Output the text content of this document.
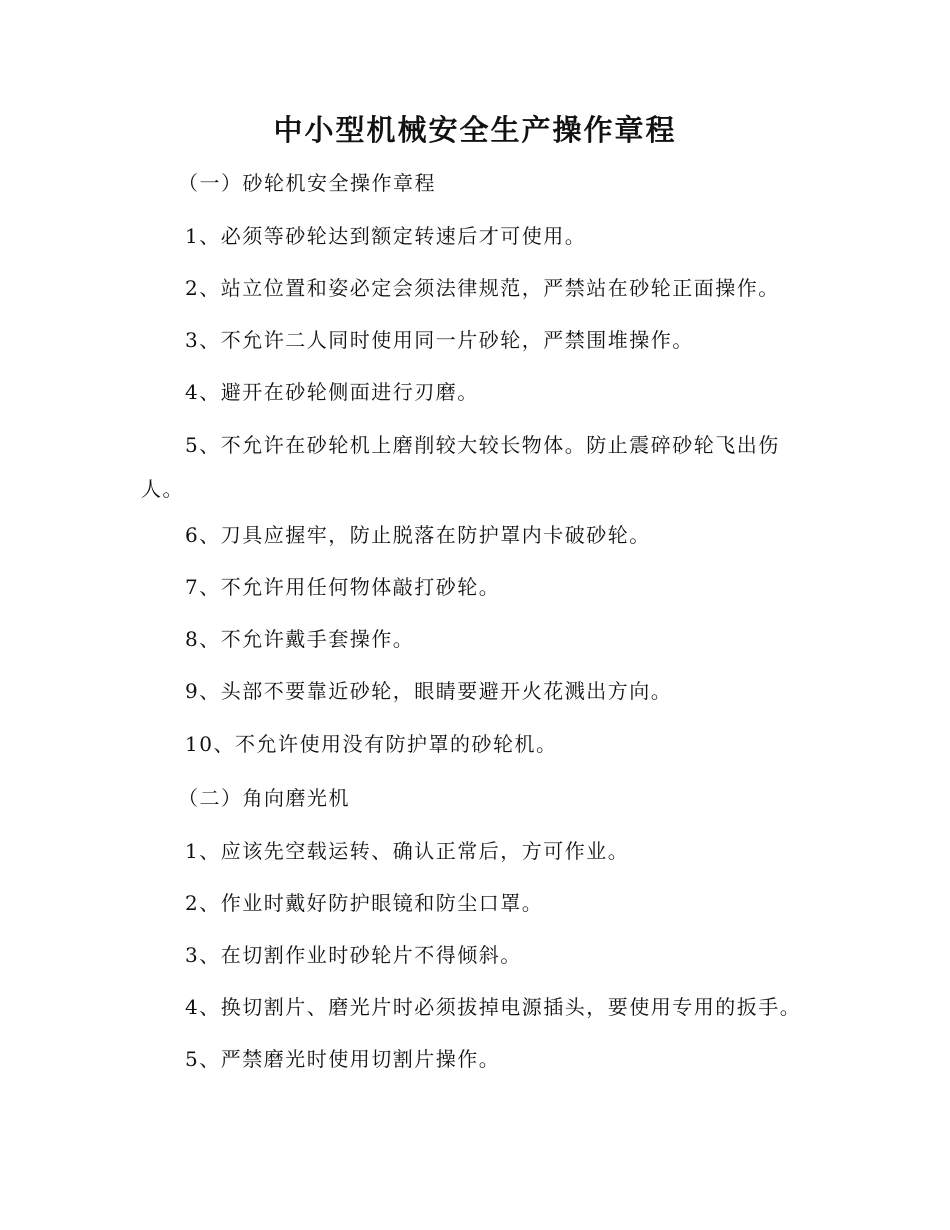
中小型机械安全生产操作章程
（一）砂轮机安全操作章程
1、必须等砂轮达到额定转速后才可使用。
2、站立位置和姿必定会须法律规范，严禁站在砂轮正面操作。
3、不允许二人同时使用同一片砂轮，严禁围堆操作。
4、避开在砂轮侧面进行刃磨。
5、不允许在砂轮机上磨削较大较长物体。防止震碎砂轮飞出伤人。
6、刀具应握牢，防止脱落在防护罩内卡破砂轮。
7、不允许用任何物体敲打砂轮。
8、不允许戴手套操作。
9、头部不要靠近砂轮，眼睛要避开火花溅出方向。
10、不允许使用没有防护罩的砂轮机。
（二）角向磨光机
1、应该先空载运转、确认正常后，方可作业。
2、作业时戴好防护眼镜和防尘口罩。
3、在切割作业时砂轮片不得倾斜。
4、换切割片、磨光片时必须拔掉电源插头，要使用专用的扳手。
5、严禁磨光时使用切割片操作。
